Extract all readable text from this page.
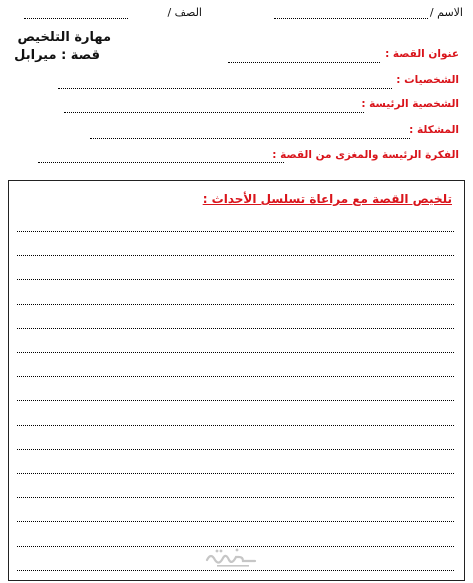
الاسم /
الصف /
مهارة التلخيص
قصة : ميرابل	عنوان القصة :
الشخصيات :
الشخصية الرئيسة :
المشكلة :
الفكرة الرئيسة والمغزى من القصة :
تلخيص القصة مع مراعاة تسلسل الأحداث :
